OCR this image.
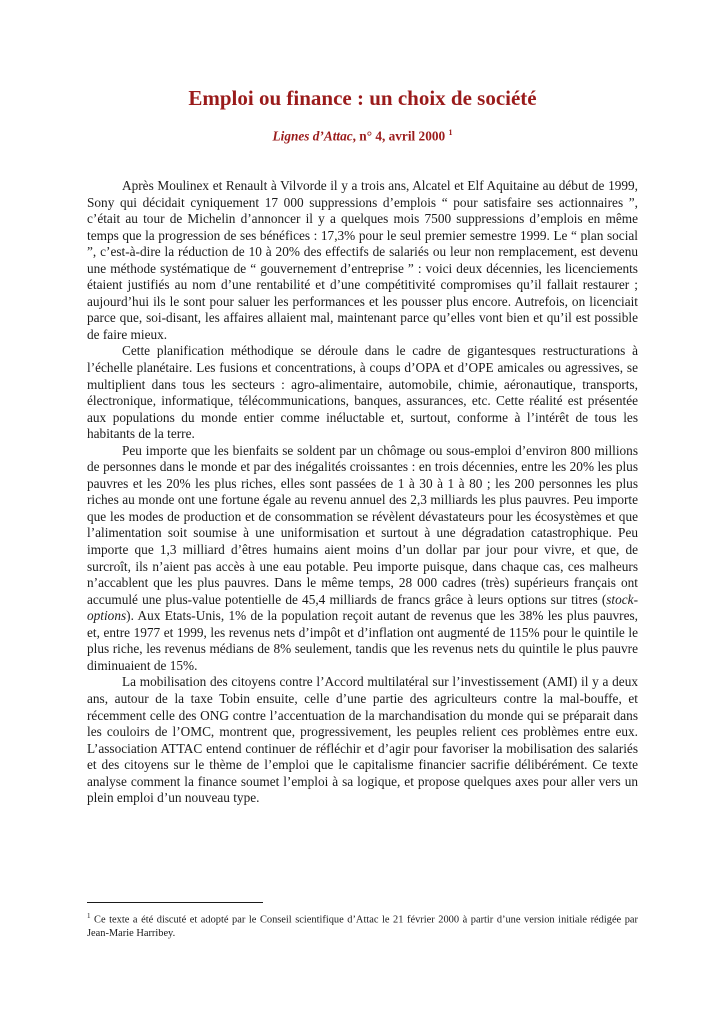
Emploi ou finance : un choix de société

Lignes d’Attac, n° 4, avril 2000 $^1$

Après Moulinex et Renault à Vilvorde il y a trois ans, Alcatel et Elf Aquitaine au début de 1999, Sony qui décidait cyniquement 17 000 suppressions d’emplois “ pour satisfaire ses actionnaires ”, c’était au tour de Michelin d’annoncer il y a quelques mois 7500 suppressions d’emplois en même temps que la progression de ses bénéfices : 17,3% pour le seul premier semestre 1999. Le “ plan social ”, c’est-à-dire la réduction de 10 à 20% des effectifs de salariés ou leur non remplacement, est devenu une méthode systématique de “ gouvernement d’entreprise ” : voici deux décennies, les licenciements étaient justifiés au nom d’une rentabilité et d’une compétitivité compromises qu’il fallait restaurer ; aujourd’hui ils le sont pour saluer les performances et les pousser plus encore. Autrefois, on licenciait parce que, soi-disant, les affaires allaient mal, maintenant parce qu’elles vont bien et qu’il est possible de faire mieux.

Cette planification méthodique se déroule dans le cadre de gigantesques restructurations à l’échelle planétaire. Les fusions et concentrations, à coups d’OPA et d’OPE amicales ou agressives, se multiplient dans tous les secteurs : agro-alimentaire, automobile, chimie, aéronautique, transports, électronique, informatique, télécommunications, banques, assurances, etc. Cette réalité est présentée aux populations du monde entier comme inéluctable et, surtout, conforme à l’intérêt de tous les habitants de la terre.

Peu importe que les bienfaits se soldent par un chômage ou sous-emploi d’environ 800 millions de personnes dans le monde et par des inégalités croissantes : en trois décennies, entre les 20% les plus pauvres et les 20% les plus riches, elles sont passées de 1 à 30 à 1 à 80 ; les 200 personnes les plus riches au monde ont une fortune égale au revenu annuel des 2,3 milliards les plus pauvres. Peu importe que les modes de production et de consommation se révèlent dévastateurs pour les écosystèmes et que l’alimentation soit soumise à une uniformisation et surtout à une dégradation catastrophique. Peu importe que 1,3 milliard d’êtres humains aient moins d’un dollar par jour pour vivre, et que, de surcroît, ils n’aient pas accès à une eau potable. Peu importe puisque, dans chaque cas, ces malheurs n’accablent que les plus pauvres. Dans le même temps, 28 000 cadres (très) supérieurs français ont accumulé une plus-value potentielle de 45,4 milliards de francs grâce à leurs options sur titres (stock-options). Aux Etats-Unis, 1% de la population reçoit autant de revenus que les 38% les plus pauvres, et, entre 1977 et 1999, les revenus nets d’impôt et d’inflation ont augmenté de 115% pour le quintile le plus riche, les revenus médians de 8% seulement, tandis que les revenus nets du quintile le plus pauvre diminuaient de 15%.

La mobilisation des citoyens contre l’Accord multilatéral sur l’investissement (AMI) il y a deux ans, autour de la taxe Tobin ensuite, celle d’une partie des agriculteurs contre la mal-bouffe, et récemment celle des ONG contre l’accentuation de la marchandisation du monde qui se préparait dans les couloirs de l’OMC, montrent que, progressivement, les peuples relient ces problèmes entre eux. L’association ATTAC entend continuer de réfléchir et d’agir pour favoriser la mobilisation des salariés et des citoyens sur le thème de l’emploi que le capitalisme financier sacrifie délibérément. Ce texte analyse comment la finance soumet l’emploi à sa logique, et propose quelques axes pour aller vers un plein emploi d’un nouveau type.

$^1$ Ce texte a été discuté et adopté par le Conseil scientifique d’Attac le 21 février 2000 à partir d’une version initiale rédigée par Jean-Marie Harribey.
